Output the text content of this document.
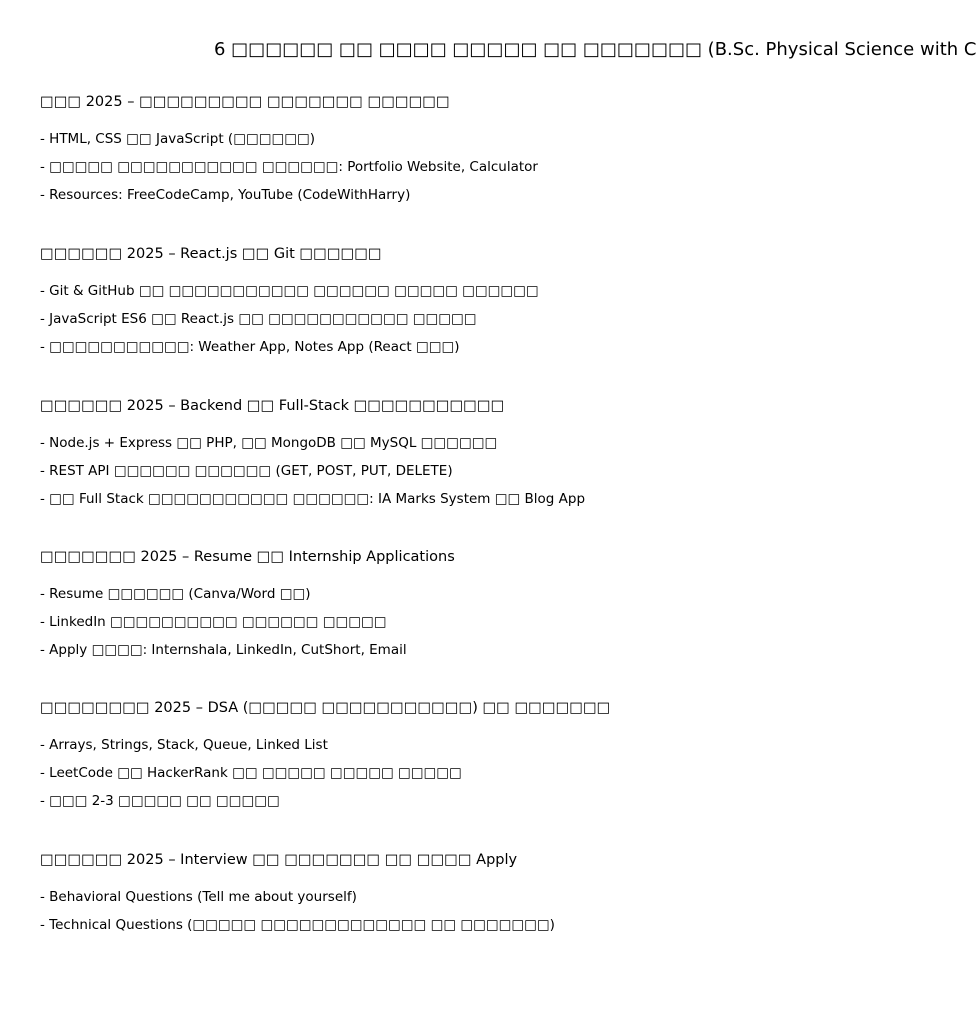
6 □□□□□□ □□ □□□□ □□□□□ □□ □□□□□□□ (B.Sc. Physical Science with C
□□□ 2025 – □□□□□□□□□ □□□□□□□ □□□□□□
- HTML, CSS □□ JavaScript (□□□□□□)
- □□□□□ □□□□□□□□□□□ □□□□□□: Portfolio Website, Calculator
- Resources: FreeCodeCamp, YouTube (CodeWithHarry)
□□□□□□ 2025 – React.js □□ Git □□□□□□
- Git & GitHub □□ □□□□□□□□□□□ □□□□□□ □□□□□ □□□□□□
- JavaScript ES6 □□ React.js □□ □□□□□□□□□□□ □□□□□
- □□□□□□□□□□□: Weather App, Notes App (React □□□)
□□□□□□ 2025 – Backend □□ Full-Stack □□□□□□□□□□□
- Node.js + Express □□ PHP, □□ MongoDB □□ MySQL □□□□□□
- REST API □□□□□□ □□□□□□ (GET, POST, PUT, DELETE)
- □□ Full Stack □□□□□□□□□□□ □□□□□□: IA Marks System □□ Blog App
□□□□□□□ 2025 – Resume □□ Internship Applications
- Resume □□□□□□ (Canva/Word □□)
- LinkedIn □□□□□□□□□□ □□□□□□ □□□□□
- Apply □□□□: Internshala, LinkedIn, CutShort, Email
□□□□□□□□ 2025 – DSA (□□□□□ □□□□□□□□□□□) □□ □□□□□□□
- Arrays, Strings, Stack, Queue, Linked List
- LeetCode □□ HackerRank □□ □□□□□ □□□□□ □□□□□
- □□□ 2-3 □□□□□ □□ □□□□□
□□□□□□ 2025 – Interview □□ □□□□□□□ □□ □□□□ Apply
- Behavioral Questions (Tell me about yourself)
- Technical Questions (□□□□□ □□□□□□□□□□□□□ □□ □□□□□□□)
